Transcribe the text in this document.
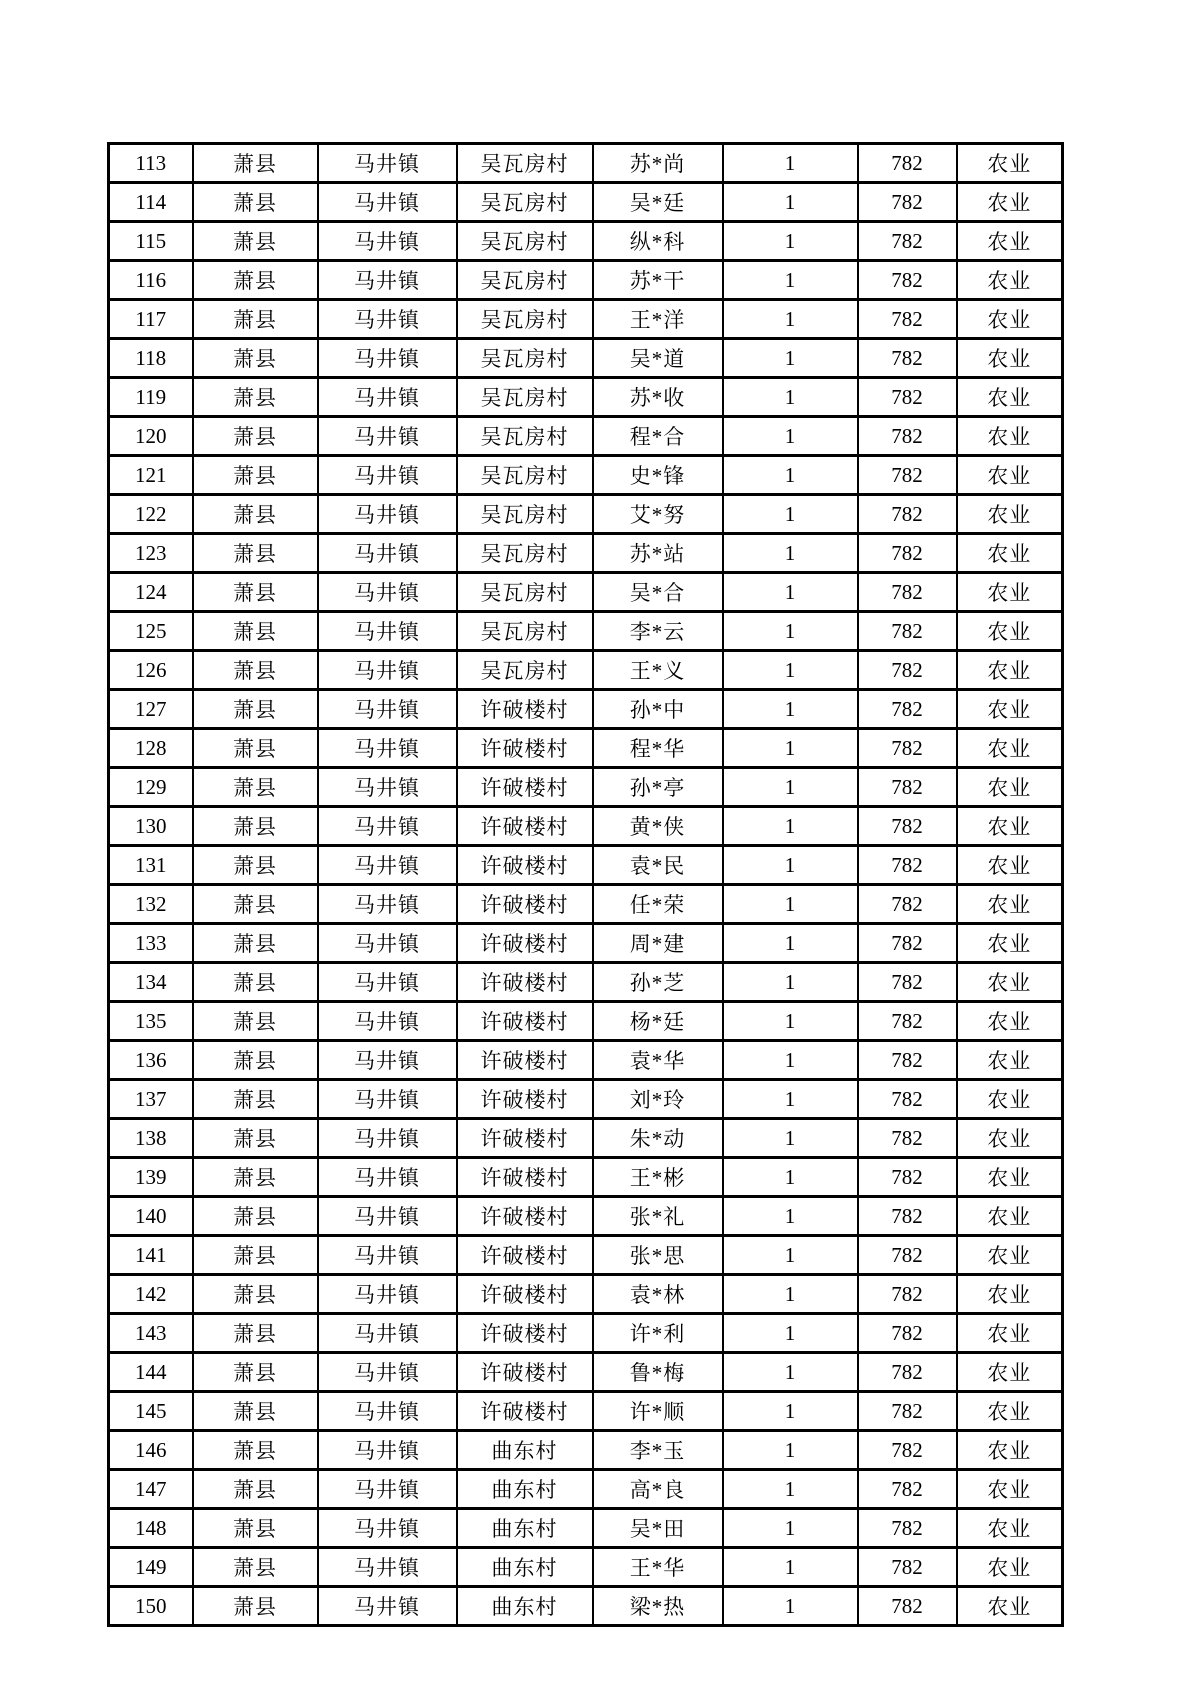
113	萧县	马井镇	吴瓦房村	苏*尚	1	782	农业
114	萧县	马井镇	吴瓦房村	吴*廷	1	782	农业
115	萧县	马井镇	吴瓦房村	纵*科	1	782	农业
116	萧县	马井镇	吴瓦房村	苏*干	1	782	农业
117	萧县	马井镇	吴瓦房村	王*洋	1	782	农业
118	萧县	马井镇	吴瓦房村	吴*道	1	782	农业
119	萧县	马井镇	吴瓦房村	苏*收	1	782	农业
120	萧县	马井镇	吴瓦房村	程*合	1	782	农业
121	萧县	马井镇	吴瓦房村	史*锋	1	782	农业
122	萧县	马井镇	吴瓦房村	艾*努	1	782	农业
123	萧县	马井镇	吴瓦房村	苏*站	1	782	农业
124	萧县	马井镇	吴瓦房村	吴*合	1	782	农业
125	萧县	马井镇	吴瓦房村	李*云	1	782	农业
126	萧县	马井镇	吴瓦房村	王*义	1	782	农业
127	萧县	马井镇	许破楼村	孙*中	1	782	农业
128	萧县	马井镇	许破楼村	程*华	1	782	农业
129	萧县	马井镇	许破楼村	孙*亭	1	782	农业
130	萧县	马井镇	许破楼村	黄*侠	1	782	农业
131	萧县	马井镇	许破楼村	袁*民	1	782	农业
132	萧县	马井镇	许破楼村	任*荣	1	782	农业
133	萧县	马井镇	许破楼村	周*建	1	782	农业
134	萧县	马井镇	许破楼村	孙*芝	1	782	农业
135	萧县	马井镇	许破楼村	杨*廷	1	782	农业
136	萧县	马井镇	许破楼村	袁*华	1	782	农业
137	萧县	马井镇	许破楼村	刘*玲	1	782	农业
138	萧县	马井镇	许破楼村	朱*动	1	782	农业
139	萧县	马井镇	许破楼村	王*彬	1	782	农业
140	萧县	马井镇	许破楼村	张*礼	1	782	农业
141	萧县	马井镇	许破楼村	张*思	1	782	农业
142	萧县	马井镇	许破楼村	袁*林	1	782	农业
143	萧县	马井镇	许破楼村	许*利	1	782	农业
144	萧县	马井镇	许破楼村	鲁*梅	1	782	农业
145	萧县	马井镇	许破楼村	许*顺	1	782	农业
146	萧县	马井镇	曲东村	李*玉	1	782	农业
147	萧县	马井镇	曲东村	高*良	1	782	农业
148	萧县	马井镇	曲东村	吴*田	1	782	农业
149	萧县	马井镇	曲东村	王*华	1	782	农业
150	萧县	马井镇	曲东村	梁*热	1	782	农业
